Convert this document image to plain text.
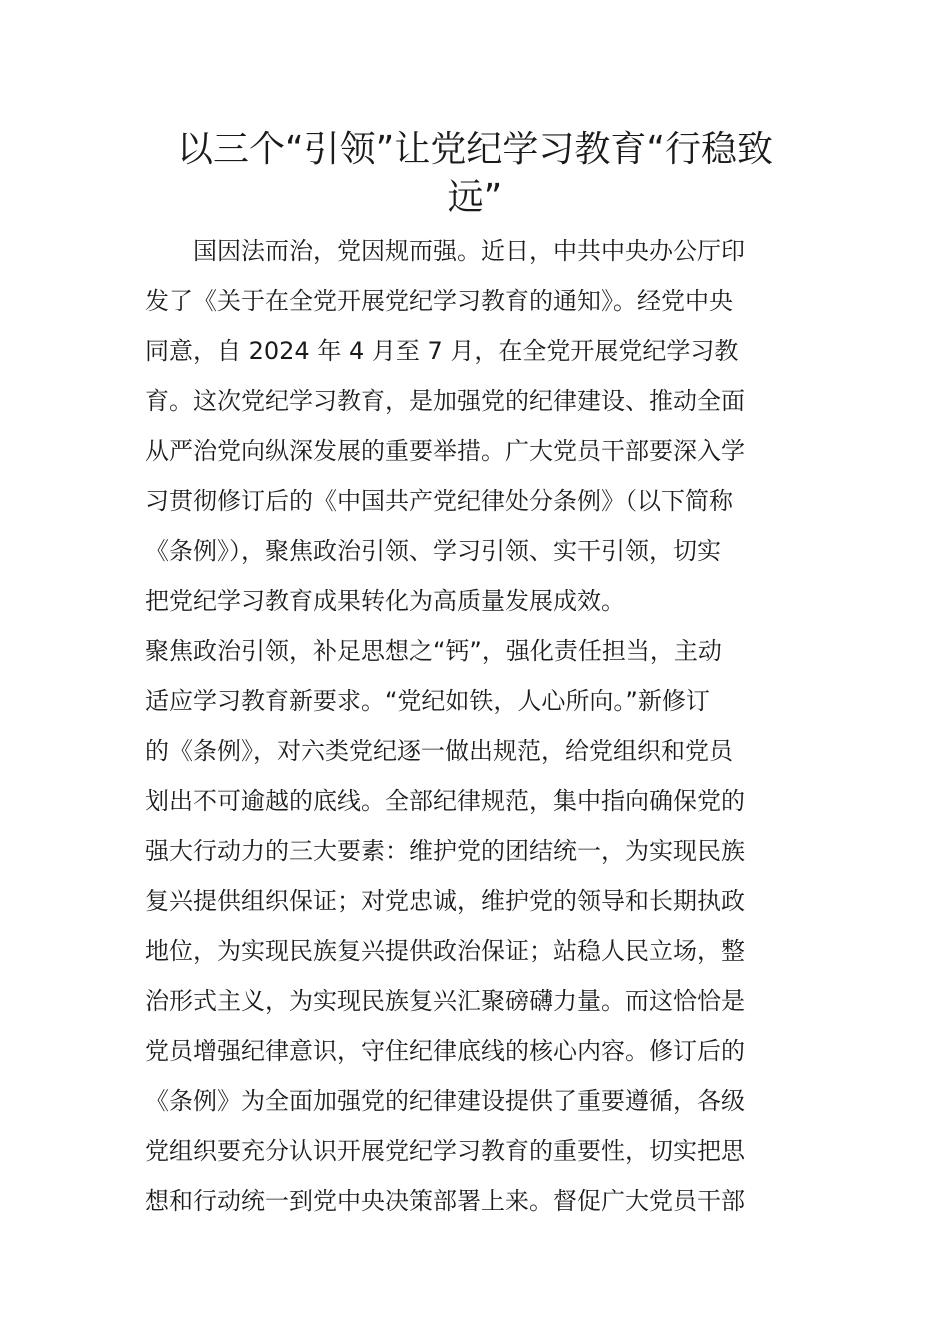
以三个“引领”让党纪学习教育“行稳致
远”
　　国因法而治，党因规而强。近日，中共中央办公厅印
发了《关于在全党开展党纪学习教育的通知》。经党中央
同意，自 2024 年 4 月至 7 月，在全党开展党纪学习教
育。这次党纪学习教育，是加强党的纪律建设、推动全面
从严治党向纵深发展的重要举措。广大党员干部要深入学
习贯彻修订后的《中国共产党纪律处分条例》（以下简称
《条例》），聚焦政治引领、学习引领、实干引领，切实
把党纪学习教育成果转化为高质量发展成效。
聚焦政治引领，补足思想之“钙”，强化责任担当，主动
适应学习教育新要求。“党纪如铁，人心所向。”新修订
的《条例》，对六类党纪逐一做出规范，给党组织和党员
划出不可逾越的底线。全部纪律规范，集中指向确保党的
强大行动力的三大要素：维护党的团结统一，为实现民族
复兴提供组织保证；对党忠诚，维护党的领导和长期执政
地位，为实现民族复兴提供政治保证；站稳人民立场，整
治形式主义，为实现民族复兴汇聚磅礴力量。而这恰恰是
党员增强纪律意识，守住纪律底线的核心内容。修订后的
《条例》为全面加强党的纪律建设提供了重要遵循，各级
党组织要充分认识开展党纪学习教育的重要性，切实把思
想和行动统一到党中央决策部署上来。督促广大党员干部
